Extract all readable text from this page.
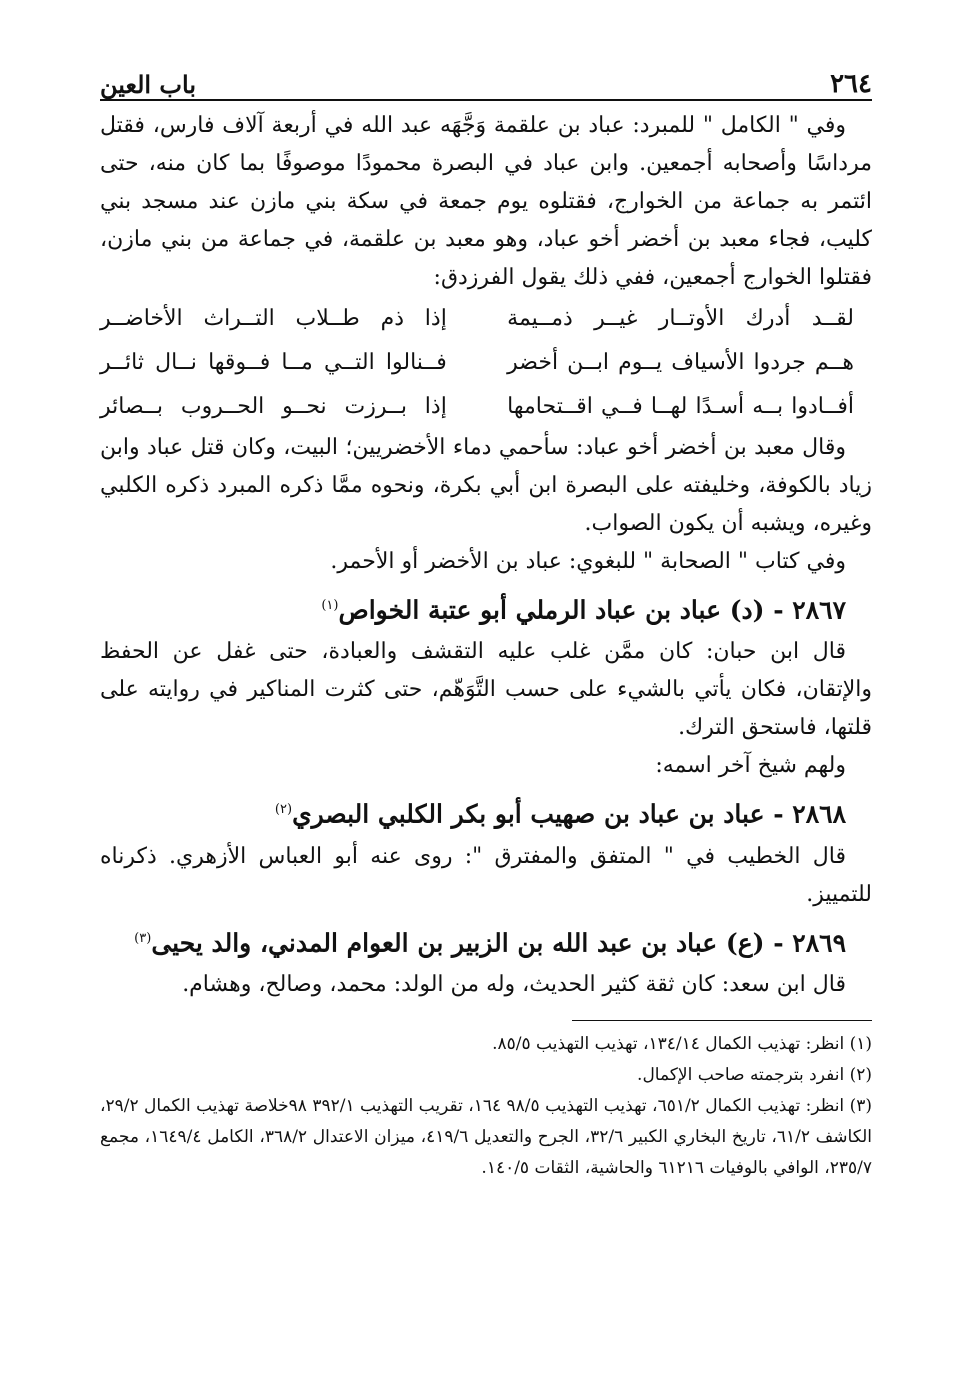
٢٦٤
باب العين

وفي " الكامل " للمبرد: عباد بن علقمة وَجَّهَه عبد الله في أربعة آلاف فارس، فقتل مرداسًا وأصحابه أجمعين. وابن عباد في البصرة محمودًا موصوفًا بما كان منه، حتى ائتمر به جماعة من الخوارج، فقتلوه يوم جمعة في سكة بني مازن عند مسجد بني كليب، فجاء معبد بن أخضر أخو عباد، وهو معبد بن علقمة، في جماعة من بني مازن، فقتلوا الخوارج أجمعين، ففي ذلك يقول الفرزدق:

لقــد أدرك الأوتــار غيــر ذمــيمة
إذا ذم طــلاب التــراث الأخاضــر
هــم جردوا الأسياف يــوم ابــن أخضر
فــنالوا التــي مــا فــوقها نــال ثائــر
أفــادوا بــه أسـدًا لهــا فــي اقــتحامها
إذا بــرزت نحــو الحــروب بــصائر

وقال معبد بن أخضر أخو عباد: سأحمي دماء الأخضريين؛ البيت، وكان قتل عباد وابن زياد بالكوفة، وخليفته على البصرة ابن أبي بكرة، ونحوه ممَّا ذكره المبرد ذكره الكلبي وغيره، ويشبه أن يكون الصواب.

وفي كتاب " الصحابة " للبغوي: عباد بن الأخضر أو الأحمر.

٢٨٦٧ - (د) عباد بن عباد الرملي أبو عتبة الخواص$^{(١)}$

قال ابن حبان: كان ممَّن غلب عليه التقشف والعبادة، حتى غفل عن الحفظ والإتقان، فكان يأتي بالشيء على حسب التَّوَهّم، حتى كثرت المناكير في روايته على قلتها، فاستحق الترك.

ولهم شيخ آخر اسمه:

٢٨٦٨ - عباد بن عباد بن صهيب أبو بكر الكلبي البصري$^{(٢)}$

قال الخطيب في " المتفق والمفترق ": روى عنه أبو العباس الأزهري. ذكرناه للتمييز.

٢٨٦٩ - (ع) عباد بن عبد الله بن الزبير بن العوام المدني، والد يحيى$^{(٣)}$

قال ابن سعد: كان ثقة كثير الحديث، وله من الولد: محمد، وصالح، وهشام.

(١) انظر: تهذيب الكمال ١٣٤/١٤، تهذيب التهذيب ٨٥/٥.

(٢) انفرد بترجمته صاحب الإكمال.

(٣) انظر: تهذيب الكمال ٦٥١/٢، تهذيب التهذيب ٩٨/٥ ١٦٤، تقريب التهذيب ٣٩٢/١ ٩٨خلاصة تهذيب الكمال ٢٩/٢، الكاشف ٦١/٢، تاريخ البخاري الكبير ٣٢/٦، الجرح والتعديل ٤١٩/٦، ميزان الاعتدال ٣٦٨/٢، الكامل ١٦٤٩/٤، مجمع ٢٣٥/٧، الوافي بالوفيات ٦١٢١٦ والحاشية، الثقات ١٤٠/٥.
